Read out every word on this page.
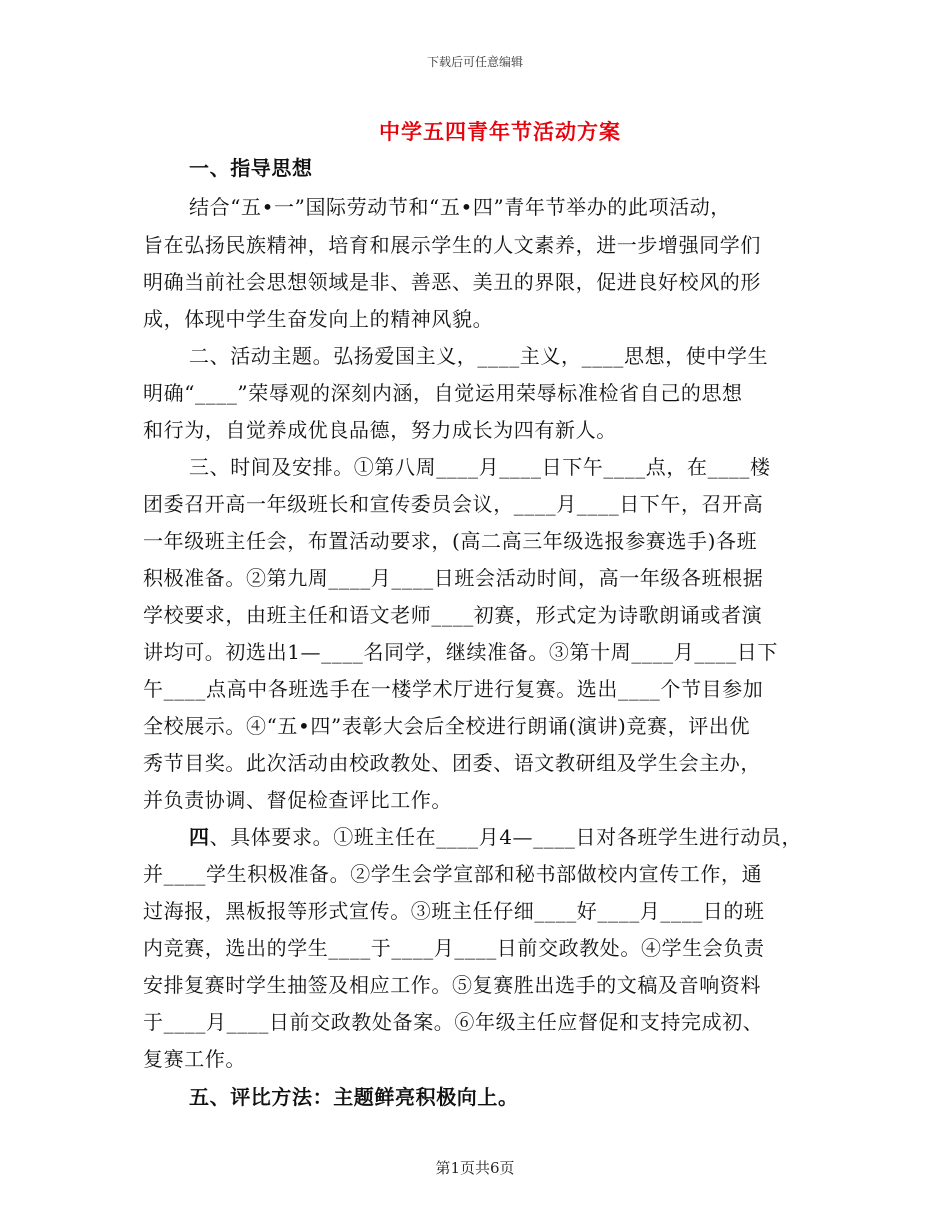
下载后可任意编辑
中学五四青年节活动方案
一、指导思想
结合“五•一”国际劳动节和“五•四”青年节举办的此项活动，
旨在弘扬民族精神，培育和展示学生的人文素养，进一步增强同学们
明确当前社会思想领域是非、善恶、美丑的界限，促进良好校风的形
成，体现中学生奋发向上的精神风貌。
二、活动主题。弘扬爱国主义，____主义，____思想，使中学生
明确“____”荣辱观的深刻内涵，自觉运用荣辱标准检省自己的思想
和行为，自觉养成优良品德，努力成长为四有新人。
三、时间及安排。①第八周____月____日下午____点，在____楼
团委召开高一年级班长和宣传委员会议，____月____日下午，召开高
一年级班主任会，布置活动要求，(高二高三年级选报参赛选手)各班
积极准备。②第九周____月____日班会活动时间，高一年级各班根据
学校要求，由班主任和语文老师____初赛，形式定为诗歌朗诵或者演
讲均可。初选出1—____名同学，继续准备。③第十周____月____日下
午____点高中各班选手在一楼学术厅进行复赛。选出____个节目参加
全校展示。④“五•四”表彰大会后全校进行朗诵(演讲)竞赛，评出优
秀节目奖。此次活动由校政教处、团委、语文教研组及学生会主办，
并负责协调、督促检查评比工作。
四、具体要求。①班主任在____月4—____日对各班学生进行动员，
并____学生积极准备。②学生会学宣部和秘书部做校内宣传工作，通
过海报，黑板报等形式宣传。③班主任仔细____好____月____日的班
内竞赛，选出的学生____于____月____日前交政教处。④学生会负责
安排复赛时学生抽签及相应工作。⑤复赛胜出选手的文稿及音响资料
于____月____日前交政教处备案。⑥年级主任应督促和支持完成初、
复赛工作。
五、评比方法：主题鲜亮积极向上。
第1页共6页
